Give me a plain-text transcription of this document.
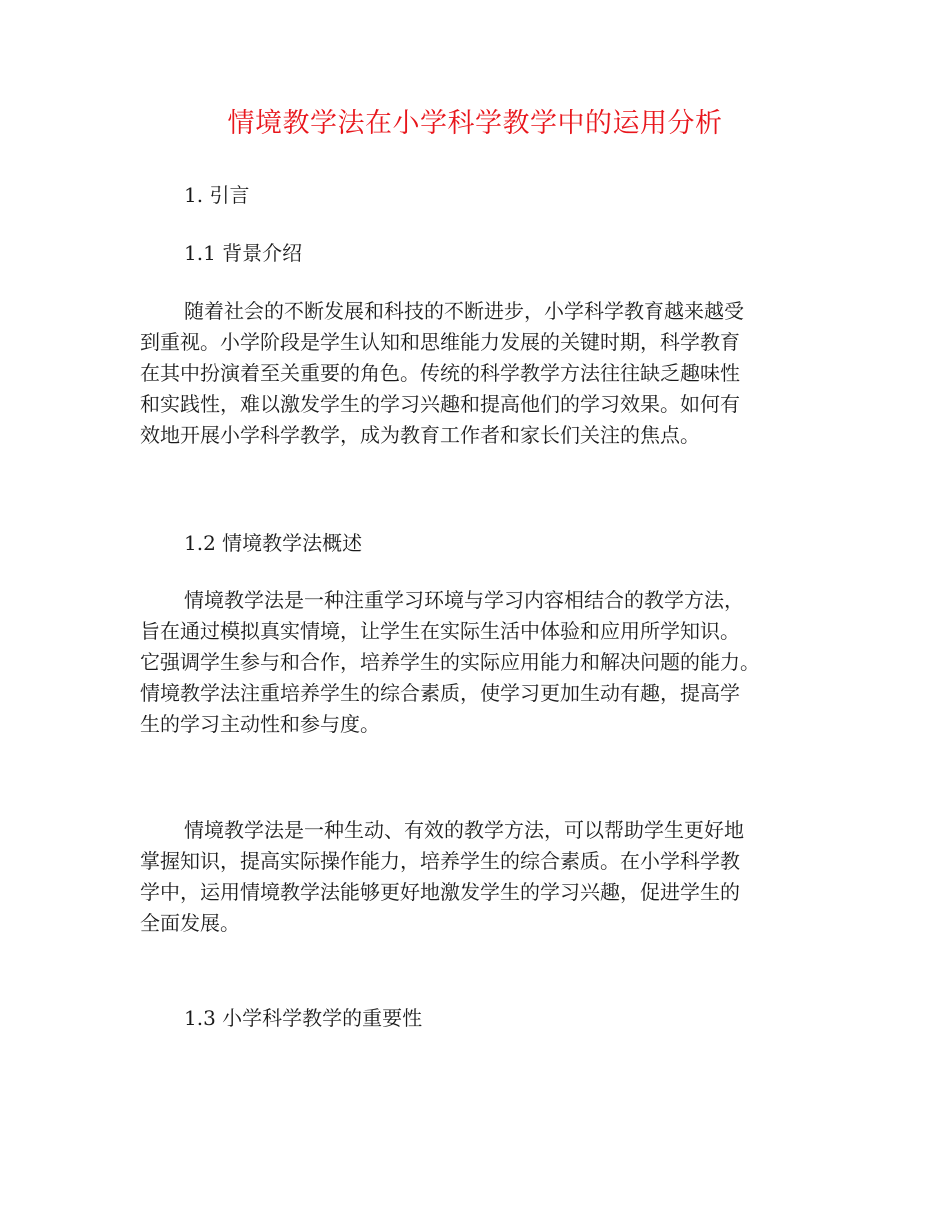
情境教学法在小学科学教学中的运用分析
1. 引言
1.1 背景介绍
随着社会的不断发展和科技的不断进步，小学科学教育越来越受
到重视。小学阶段是学生认知和思维能力发展的关键时期，科学教育
在其中扮演着至关重要的角色。传统的科学教学方法往往缺乏趣味性
和实践性，难以激发学生的学习兴趣和提高他们的学习效果。如何有
效地开展小学科学教学，成为教育工作者和家长们关注的焦点。
1.2 情境教学法概述
情境教学法是一种注重学习环境与学习内容相结合的教学方法，
旨在通过模拟真实情境，让学生在实际生活中体验和应用所学知识。
它强调学生参与和合作，培养学生的实际应用能力和解决问题的能力。
情境教学法注重培养学生的综合素质，使学习更加生动有趣，提高学
生的学习主动性和参与度。
情境教学法是一种生动、有效的教学方法，可以帮助学生更好地
掌握知识，提高实际操作能力，培养学生的综合素质。在小学科学教
学中，运用情境教学法能够更好地激发学生的学习兴趣，促进学生的
全面发展。
1.3 小学科学教学的重要性
